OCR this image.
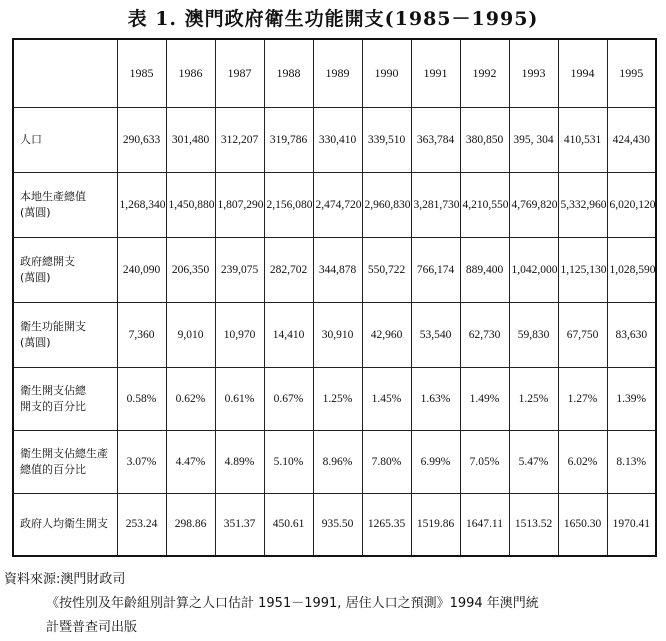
表 1. 澳門政府衛生功能開支(1985－1995)
	1985	1986	1987	1988	1989	1990	1991	1992	1993	1994	1995

人口	290,633	301,480	312,207	319,786	330,410	339,510	363,784	380,850	395, 304	410,531	424,430

本地生產總值
(萬圓)	1,268,340	1,450,880	1,807,290	2,156,080	2,474,720	2,960,830	3,281,730	4,210,550	4,769,820	5,332,960	6,020,120

政府總開支
(萬圓)	240,090	206,350	239,075	282,702	344,878	550,722	766,174	889,400	1,042,000	1,125,130	1,028,590

衛生功能開支
(萬圓)	7,360	9,010	10,970	14,410	30,910	42,960	53,540	62,730	59,830	67,750	83,630

衛生開支佔總
開支的百分比	0.58%	0.62%	0.61%	0.67%	1.25%	1.45%	1.63%	1.49%	1.25%	1.27%	1.39%

衛生開支佔總生產
總值的百分比	3.07%	4.47%	4.89%	5.10%	8.96%	7.80%	6.99%	7.05%	5.47%	6.02%	8.13%

政府人均衛生開支	253.24	298.86	351.37	450.61	935.50	1265.35	1519.86	1647.11	1513.52	1650.30	1970.41
資料來源:澳門財政司
《按性別及年齡組別計算之人口估計 1951－1991, 居住人口之預測》1994 年澳門統
計暨普查司出版
